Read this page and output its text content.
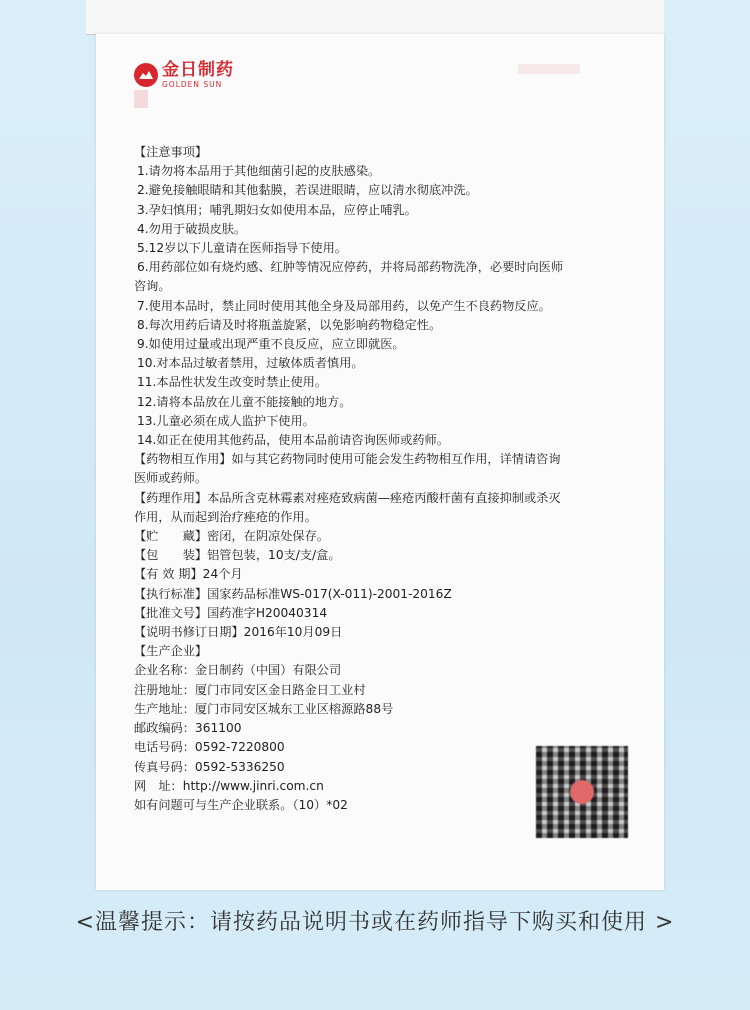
金日制药
GOLDEN SUN
【注意事项】
1.请勿将本品用于其他细菌引起的皮肤感染。
2.避免接触眼睛和其他黏膜，若误进眼睛，应以清水彻底冲洗。
3.孕妇慎用；哺乳期妇女如使用本品，应停止哺乳。
4.勿用于破损皮肤。
5.12岁以下儿童请在医师指导下使用。
6.用药部位如有烧灼感、红肿等情况应停药，并将局部药物洗净，必要时向医师
咨询。
7.使用本品时，禁止同时使用其他全身及局部用药，以免产生不良药物反应。
8.每次用药后请及时将瓶盖旋紧，以免影响药物稳定性。
9.如使用过量或出现严重不良反应，应立即就医。
10.对本品过敏者禁用，过敏体质者慎用。
11.本品性状发生改变时禁止使用。
12.请将本品放在儿童不能接触的地方。
13.儿童必须在成人监护下使用。
14.如正在使用其他药品，使用本品前请咨询医师或药师。
【药物相互作用】如与其它药物同时使用可能会发生药物相互作用，详情请咨询
医师或药师。
【药理作用】本品所含克林霉素对痤疮致病菌—痤疮丙酸杆菌有直接抑制或杀灭
作用，从而起到治疗痤疮的作用。
【贮　　藏】密闭，在阴凉处保存。
【包　　装】铝管包装，10支/支/盒。
【有 效 期】24个月
【执行标准】国家药品标准WS-017(X-011)-2001-2016Z
【批准文号】国药准字H20040314
【说明书修订日期】2016年10月09日
【生产企业】
企业名称：金日制药（中国）有限公司
注册地址：厦门市同安区金日路金日工业村
生产地址：厦门市同安区城东工业区榕源路88号
邮政编码：361100
电话号码：0592-7220800
传真号码：0592-5336250
网　址：http://www.jinri.com.cn
如有问题可与生产企业联系。（10）*02
<温馨提示：请按药品说明书或在药师指导下购买和使用 >
